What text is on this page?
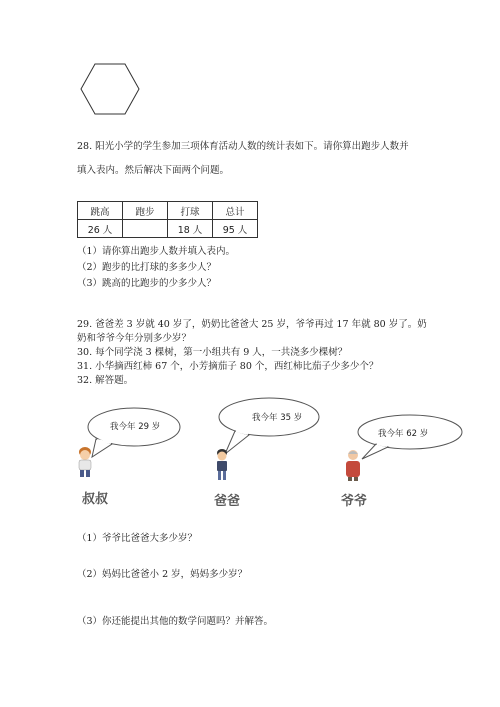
28. 阳光小学的学生参加三项体育活动人数的统计表如下。请你算出跑步人数并
填入表内。然后解决下面两个问题。
跳高	跑步	打球	总计
26 人		18 人	95 人
（1）请你算出跑步人数并填入表内。
（2）跑步的比打球的多多少人？
（3）跳高的比跑步的少多少人？
29. 爸爸差 3 岁就 40 岁了，奶奶比爸爸大 25 岁，爷爷再过 17 年就 80 岁了。奶
奶和爷爷今年分别多少岁？
30. 每个同学浇 3 棵树，第一小组共有 9 人，一共浇多少棵树？
31. 小华摘西红柿 67 个，小芳摘茄子 80 个，西红柿比茄子少多少个？
32. 解答题。
我今年 29 岁
我今年 35 岁
我今年 62 岁
叔叔	爸爸	爷爷
（1）爷爷比爸爸大多少岁？
（2）妈妈比爸爸小 2 岁，妈妈多少岁？
（3）你还能提出其他的数学问题吗？并解答。
